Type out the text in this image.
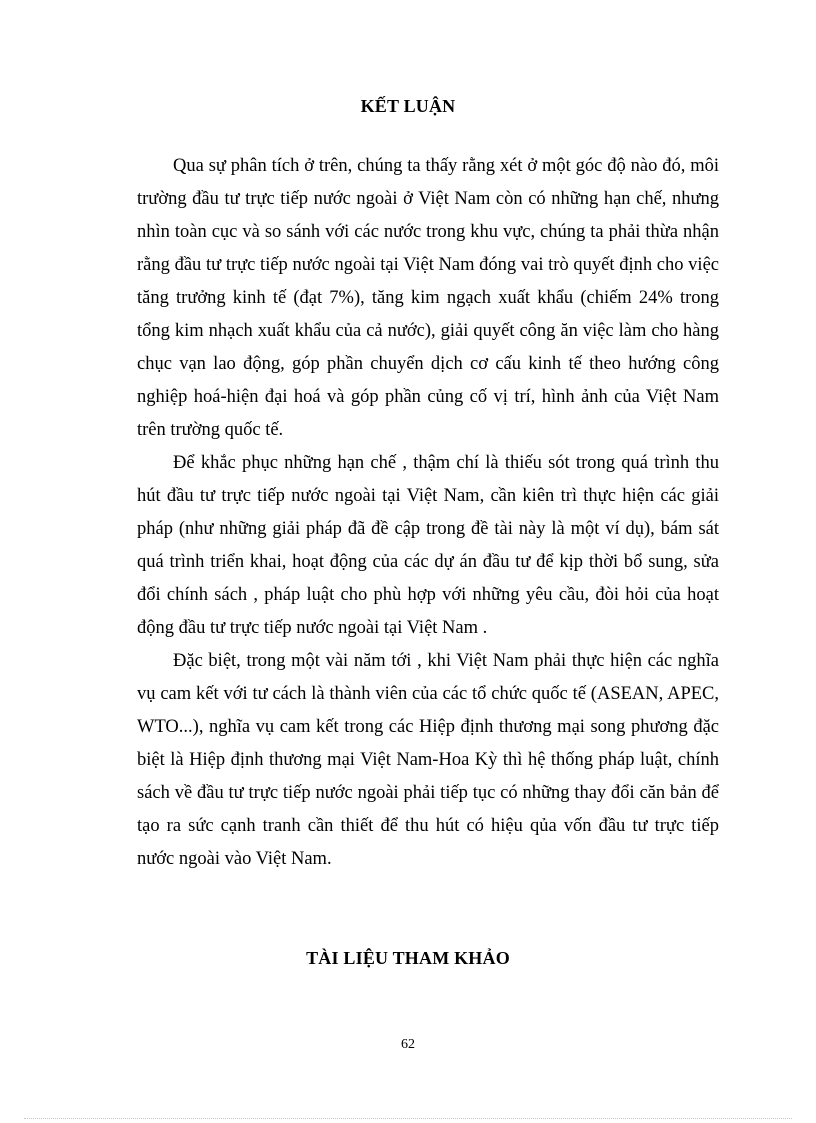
KẾT LUẬN

Qua sự phân tích ở trên, chúng ta thấy rằng xét ở một góc độ nào đó, môi trường đầu tư trực tiếp nước ngoài ở Việt Nam còn có những hạn chế, nhưng nhìn toàn cục và so sánh với các nước trong khu vực, chúng ta phải thừa nhận rằng đầu tư trực tiếp nước ngoài tại Việt Nam đóng vai trò quyết định cho việc tăng trưởng kinh tế (đạt 7%), tăng kim ngạch xuất khẩu (chiếm 24% trong tổng kim nhạch xuất khẩu của cả nước), giải quyết công ăn việc làm cho hàng chục vạn lao động, góp phần chuyển dịch cơ cấu kinh tế theo hướng công nghiệp hoá-hiện đại hoá và góp phần củng cố vị trí, hình ảnh của Việt Nam trên trường quốc tế.

Để khắc phục những hạn chế , thậm chí là thiếu sót trong quá trình thu hút đầu tư trực tiếp nước ngoài tại Việt Nam, cần kiên trì thực hiện các giải pháp (như những giải pháp đã đề cập trong đề tài này là một ví dụ), bám sát quá trình triển khai, hoạt động của các dự án đầu tư để kịp thời bổ sung, sửa đổi chính sách , pháp luật cho phù hợp với những yêu cầu, đòi hỏi của hoạt động đầu tư trực tiếp nước ngoài tại Việt Nam .

Đặc biệt, trong một vài năm tới , khi Việt Nam phải thực hiện các nghĩa vụ cam kết với tư cách là thành viên của các tổ chức quốc tế (ASEAN, APEC, WTO...), nghĩa vụ cam kết trong các Hiệp định thương mại song phương đặc biệt là Hiệp định thương mại Việt Nam-Hoa Kỳ thì hệ thống pháp luật, chính sách về đầu tư trực tiếp nước ngoài phải tiếp tục có những thay đổi căn bản để tạo ra sức cạnh tranh cần thiết để thu hút có hiệu qủa vốn đầu tư trực tiếp nước ngoài vào Việt Nam.

TÀI LIỆU THAM KHẢO
62
